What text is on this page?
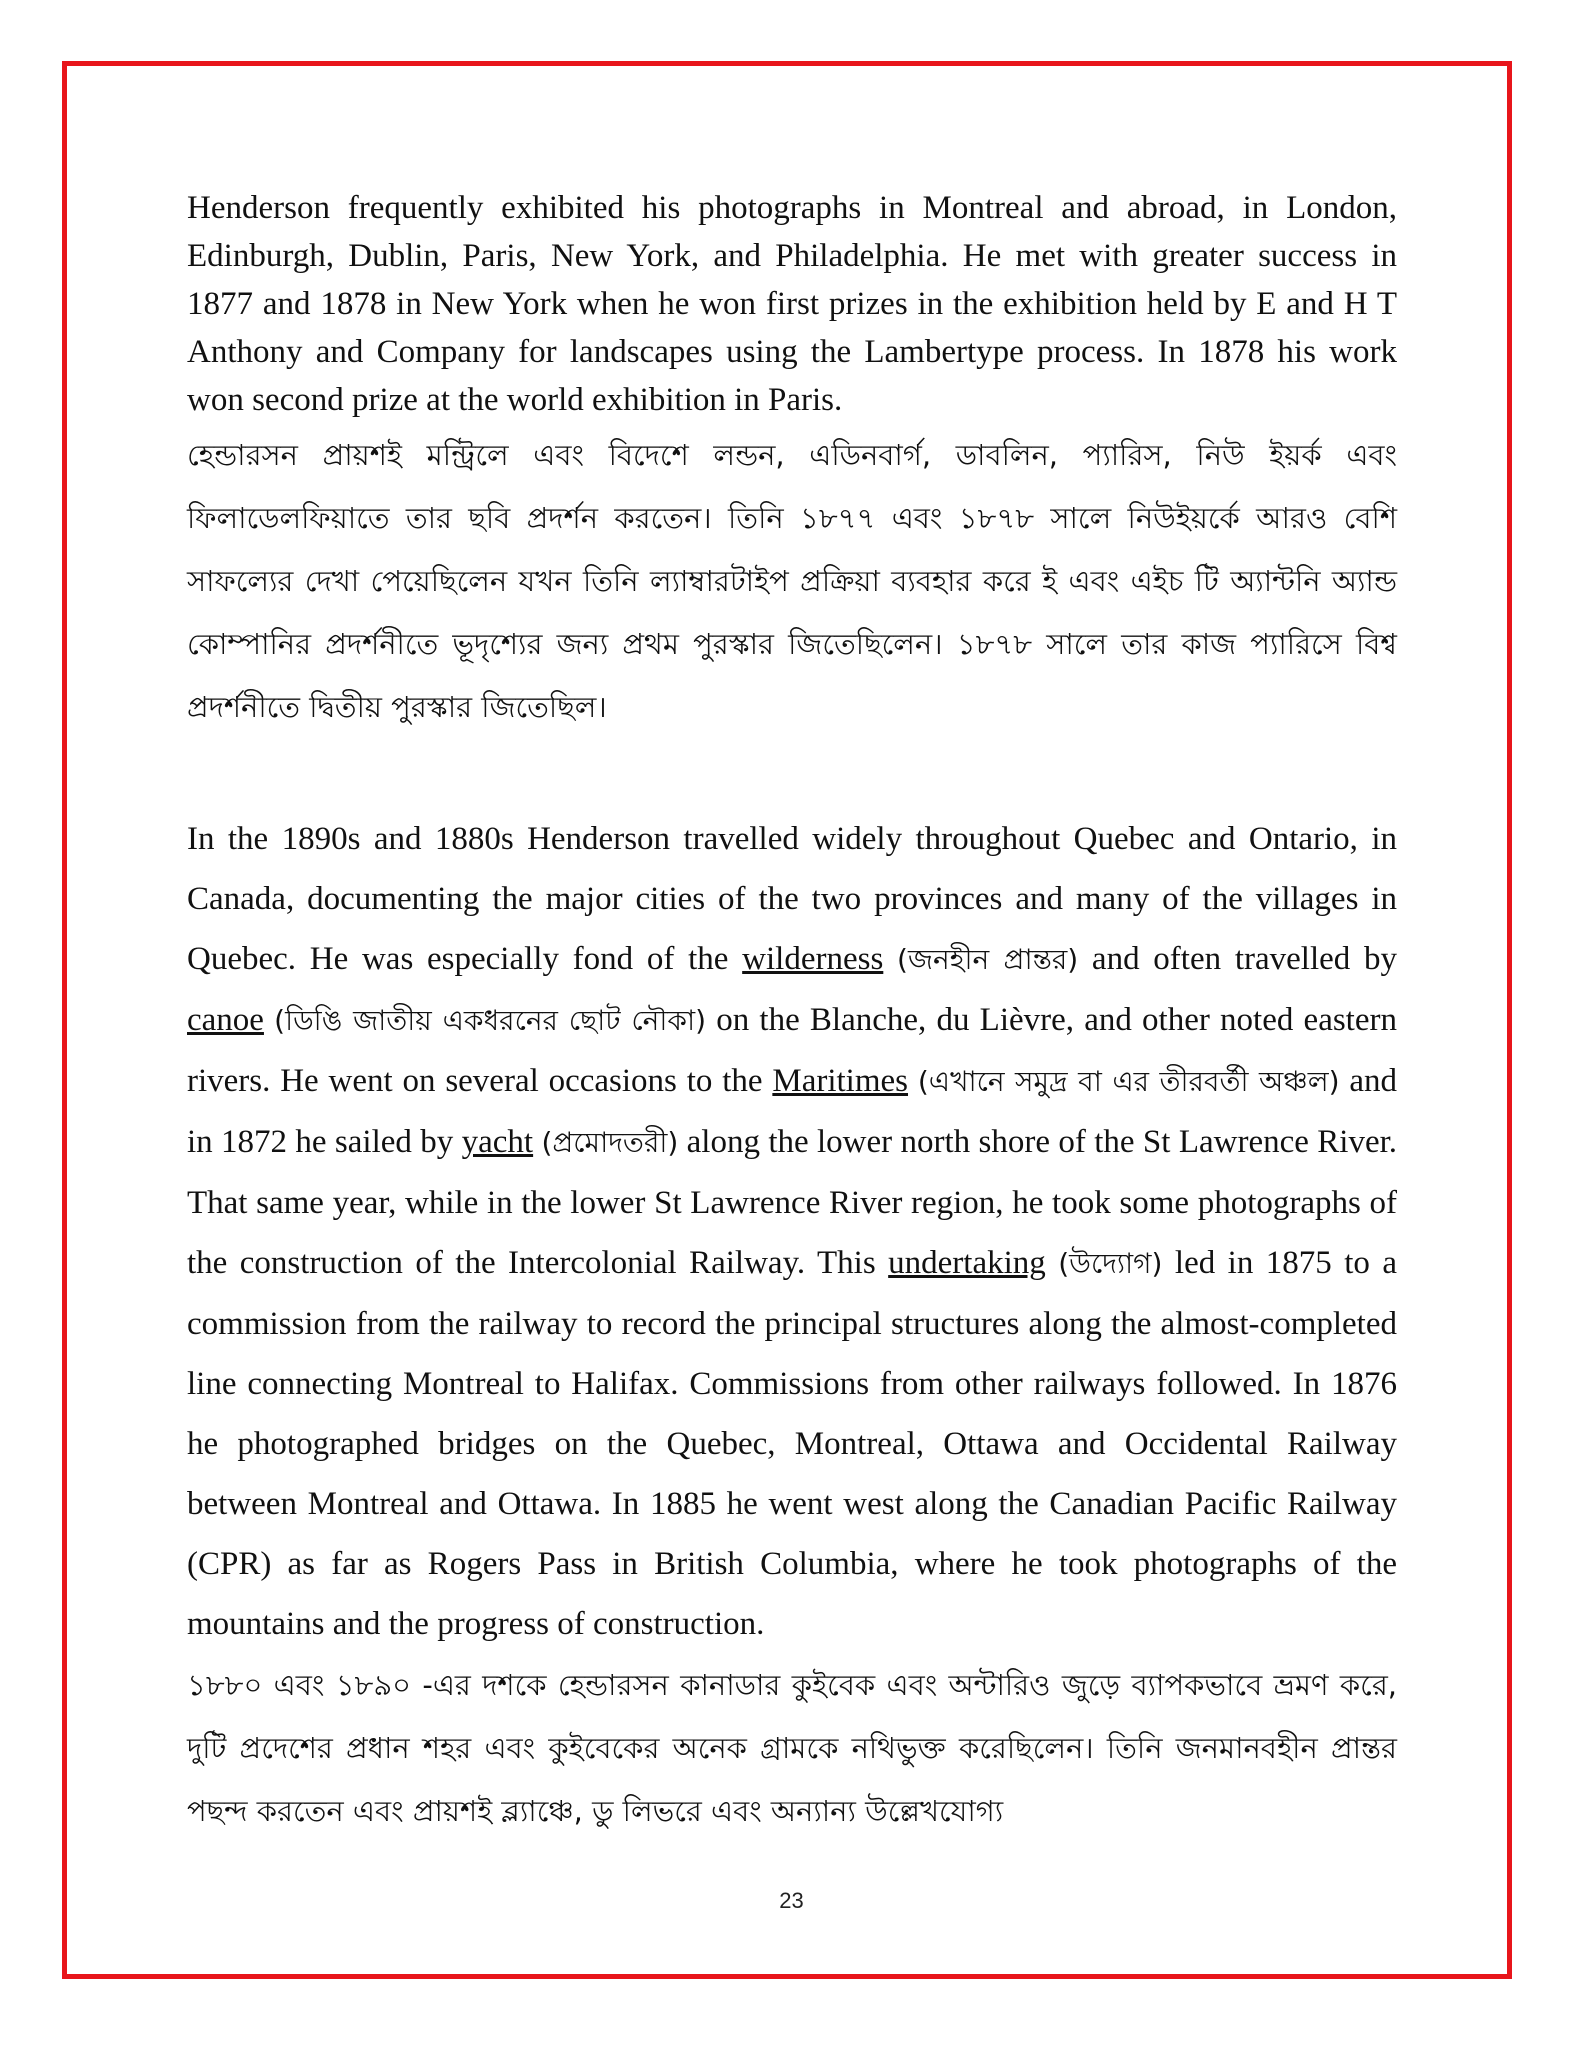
Henderson frequently exhibited his photographs in Montreal and abroad, in London, Edinburgh, Dublin, Paris, New York, and Philadelphia. He met with greater success in 1877 and 1878 in New York when he won first prizes in the exhibition held by E and H T Anthony and Company for landscapes using the Lambertype process. In 1878 his work won second prize at the world exhibition in Paris.

হেন্ডারসন প্রায়শই মন্ট্রিলে এবং বিদেশে লন্ডন, এডিনবার্গ, ডাবলিন, প্যারিস, নিউ ইয়র্ক এবং ফিলাডেলফিয়াতে তার ছবি প্রদর্শন করতেন। তিনি ১৮৭৭ এবং ১৮৭৮ সালে নিউইয়র্কে আরও বেশি সাফল্যের দেখা পেয়েছিলেন যখন তিনি ল্যাম্বারটাইপ প্রক্রিয়া ব্যবহার করে ই এবং এইচ টি অ্যান্টনি অ্যান্ড কোম্পানির প্রদর্শনীতে ভূদৃশ্যের জন্য প্রথম পুরস্কার জিতেছিলেন। ১৮৭৮ সালে তার কাজ প্যারিসে বিশ্ব প্রদর্শনীতে দ্বিতীয় পুরস্কার জিতেছিল।

In the 1890s and 1880s Henderson travelled widely throughout Quebec and Ontario, in Canada, documenting the major cities of the two provinces and many of the villages in Quebec. He was especially fond of the wilderness (জনহীন প্রান্তর) and often travelled by canoe (ডিঙি জাতীয় একধরনের ছোট নৌকা) on the Blanche, du Lièvre, and other noted eastern rivers. He went on several occasions to the Maritimes (এখানে সমুদ্র বা এর তীরবর্তী অঞ্চল) and in 1872 he sailed by yacht (প্রমোদতরী) along the lower north shore of the St Lawrence River. That same year, while in the lower St Lawrence River region, he took some photographs of the construction of the Intercolonial Railway. This undertaking (উদ্যোগ) led in 1875 to a commission from the railway to record the principal structures along the almost-completed line connecting Montreal to Halifax. Commissions from other railways followed. In 1876 he photographed bridges on the Quebec, Montreal, Ottawa and Occidental Railway between Montreal and Ottawa. In 1885 he went west along the Canadian Pacific Railway (CPR) as far as Rogers Pass in British Columbia, where he took photographs of the mountains and the progress of construction.

১৮৮০ এবং ১৮৯০ -এর দশকে হেন্ডারসন কানাডার কুইবেক এবং অন্টারিও জুড়ে ব্যাপকভাবে ভ্রমণ করে, দুটি প্রদেশের প্রধান শহর এবং কুইবেকের অনেক গ্রামকে নথিভুক্ত করেছিলেন। তিনি জনমানবহীন প্রান্তর পছন্দ করতেন এবং প্রায়শই ব্ল্যাঞ্চে, ডু লিভরে এবং অন্যান্য উল্লেখযোগ্য

23
